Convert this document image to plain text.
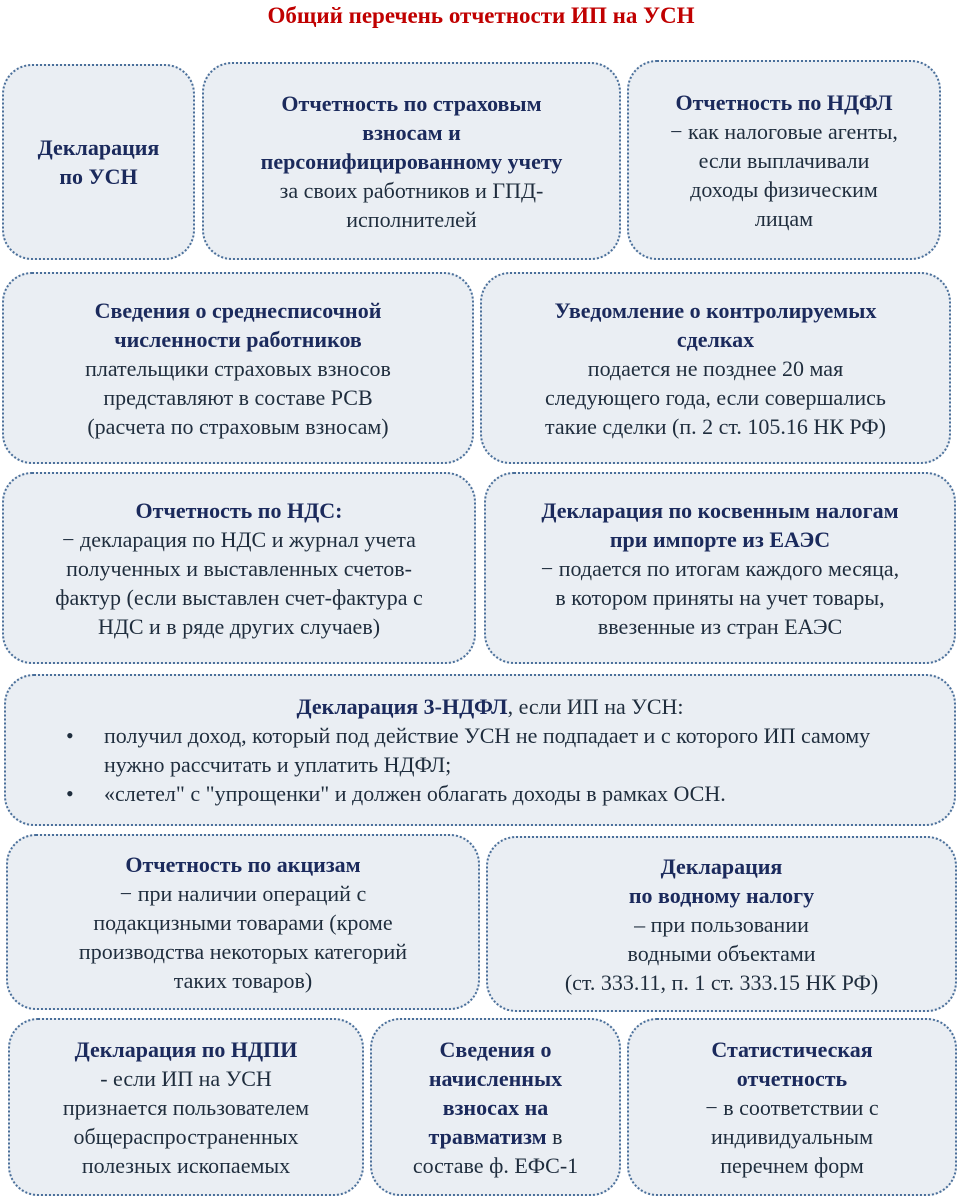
Общий перечень отчетности ИП на УСН
Декларация
по УСН
Отчетность по страховым
взносам и
персонифицированному учету
за своих работников и ГПД-
исполнителей
Отчетность по НДФЛ
− как налоговые агенты,
если выплачивали
доходы физическим
лицам
Сведения о среднесписочной
численности работников
плательщики страховых взносов
представляют в составе РСВ
(расчета по страховым взносам)
Уведомление о контролируемых
сделках
подается не позднее 20 мая
следующего года, если совершались
такие сделки (п. 2 ст. 105.16 НК РФ)
Отчетность по НДС:
− декларация по НДС и журнал учета
полученных и выставленных счетов-
фактур (если выставлен счет-фактура с
НДС и в ряде других случаев)
Декларация по косвенным налогам
при импорте из ЕАЭС
− подается по итогам каждого месяца,
в котором приняты на учет товары,
ввезенные из стран ЕАЭС
Декларация 3-НДФЛ, если ИП на УСН:
• получил доход, который под действие УСН не подпадает и с которого ИП самому нужно рассчитать и уплатить НДФЛ;
• «слетел" с "упрощенки" и должен облагать доходы в рамках ОСН.
Отчетность по акцизам
− при наличии операций с
подакцизными товарами (кроме
производства некоторых категорий
таких товаров)
Декларация
по водному налогу
– при пользовании
водными объектами
(ст. 333.11, п. 1 ст. 333.15 НК РФ)
Декларация по НДПИ
- если ИП на УСН
признается пользователем
общераспространенных
полезных ископаемых
Сведения о
начисленных
взносах на
травматизм в
составе ф. ЕФС-1
Статистическая
отчетность
− в соответствии с
индивидуальным
перечнем форм
